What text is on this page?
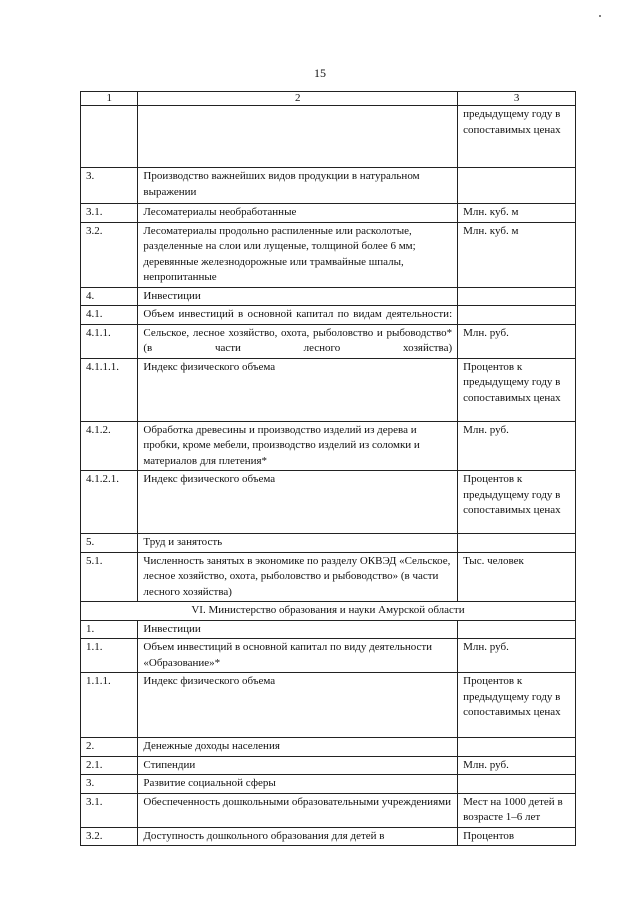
15
1	2	3
		предыдущему году в сопоставимых ценах
3.	Производство важнейших видов продукции в натуральном выражении	
3.1.	Лесоматериалы необработанные	Млн. куб. м
3.2.	Лесоматериалы продольно распиленные или расколотые, разделенные на слои или лущеные, толщиной более 6 мм; деревянные железнодорожные или трамвайные шпалы, непропитанные	Млн. куб. м
4.	Инвестиции	
4.1.	Объем инвестиций в основной капитал по видам деятельности:	
4.1.1.	Сельское, лесное хозяйство, охота, рыболовство и рыбоводство* (в части лесного хозяйства)	Млн. руб.
4.1.1.1.	Индекс физического объема	Процентов к предыдущему году в сопоставимых ценах
4.1.2.	Обработка древесины и производство изделий из дерева и пробки, кроме мебели, производство изделий из соломки и материалов для плетения*	Млн. руб.
4.1.2.1.	Индекс физического объема	Процентов к предыдущему году в сопоставимых ценах
5.	Труд и занятость	
5.1.	Численность занятых в экономике по разделу ОКВЭД «Сельское, лесное хозяйство, охота, рыболовство и рыбоводство» (в части лесного хозяйства)	Тыс. человек
VI. Министерство образования и науки Амурской области		
1.	Инвестиции	
1.1.	Объем инвестиций в основной капитал по виду деятельности «Образование»*	Млн. руб.
1.1.1.	Индекс физического объема	Процентов к предыдущему году в сопоставимых ценах
2.	Денежные доходы населения	
2.1.	Стипендии	Млн. руб.
3.	Развитие социальной сферы	
3.1.	Обеспеченность дошкольными образовательными учреждениями	Мест на 1000 детей в возрасте 1–6 лет
3.2.	Доступность дошкольного образования для детей в	Процентов
